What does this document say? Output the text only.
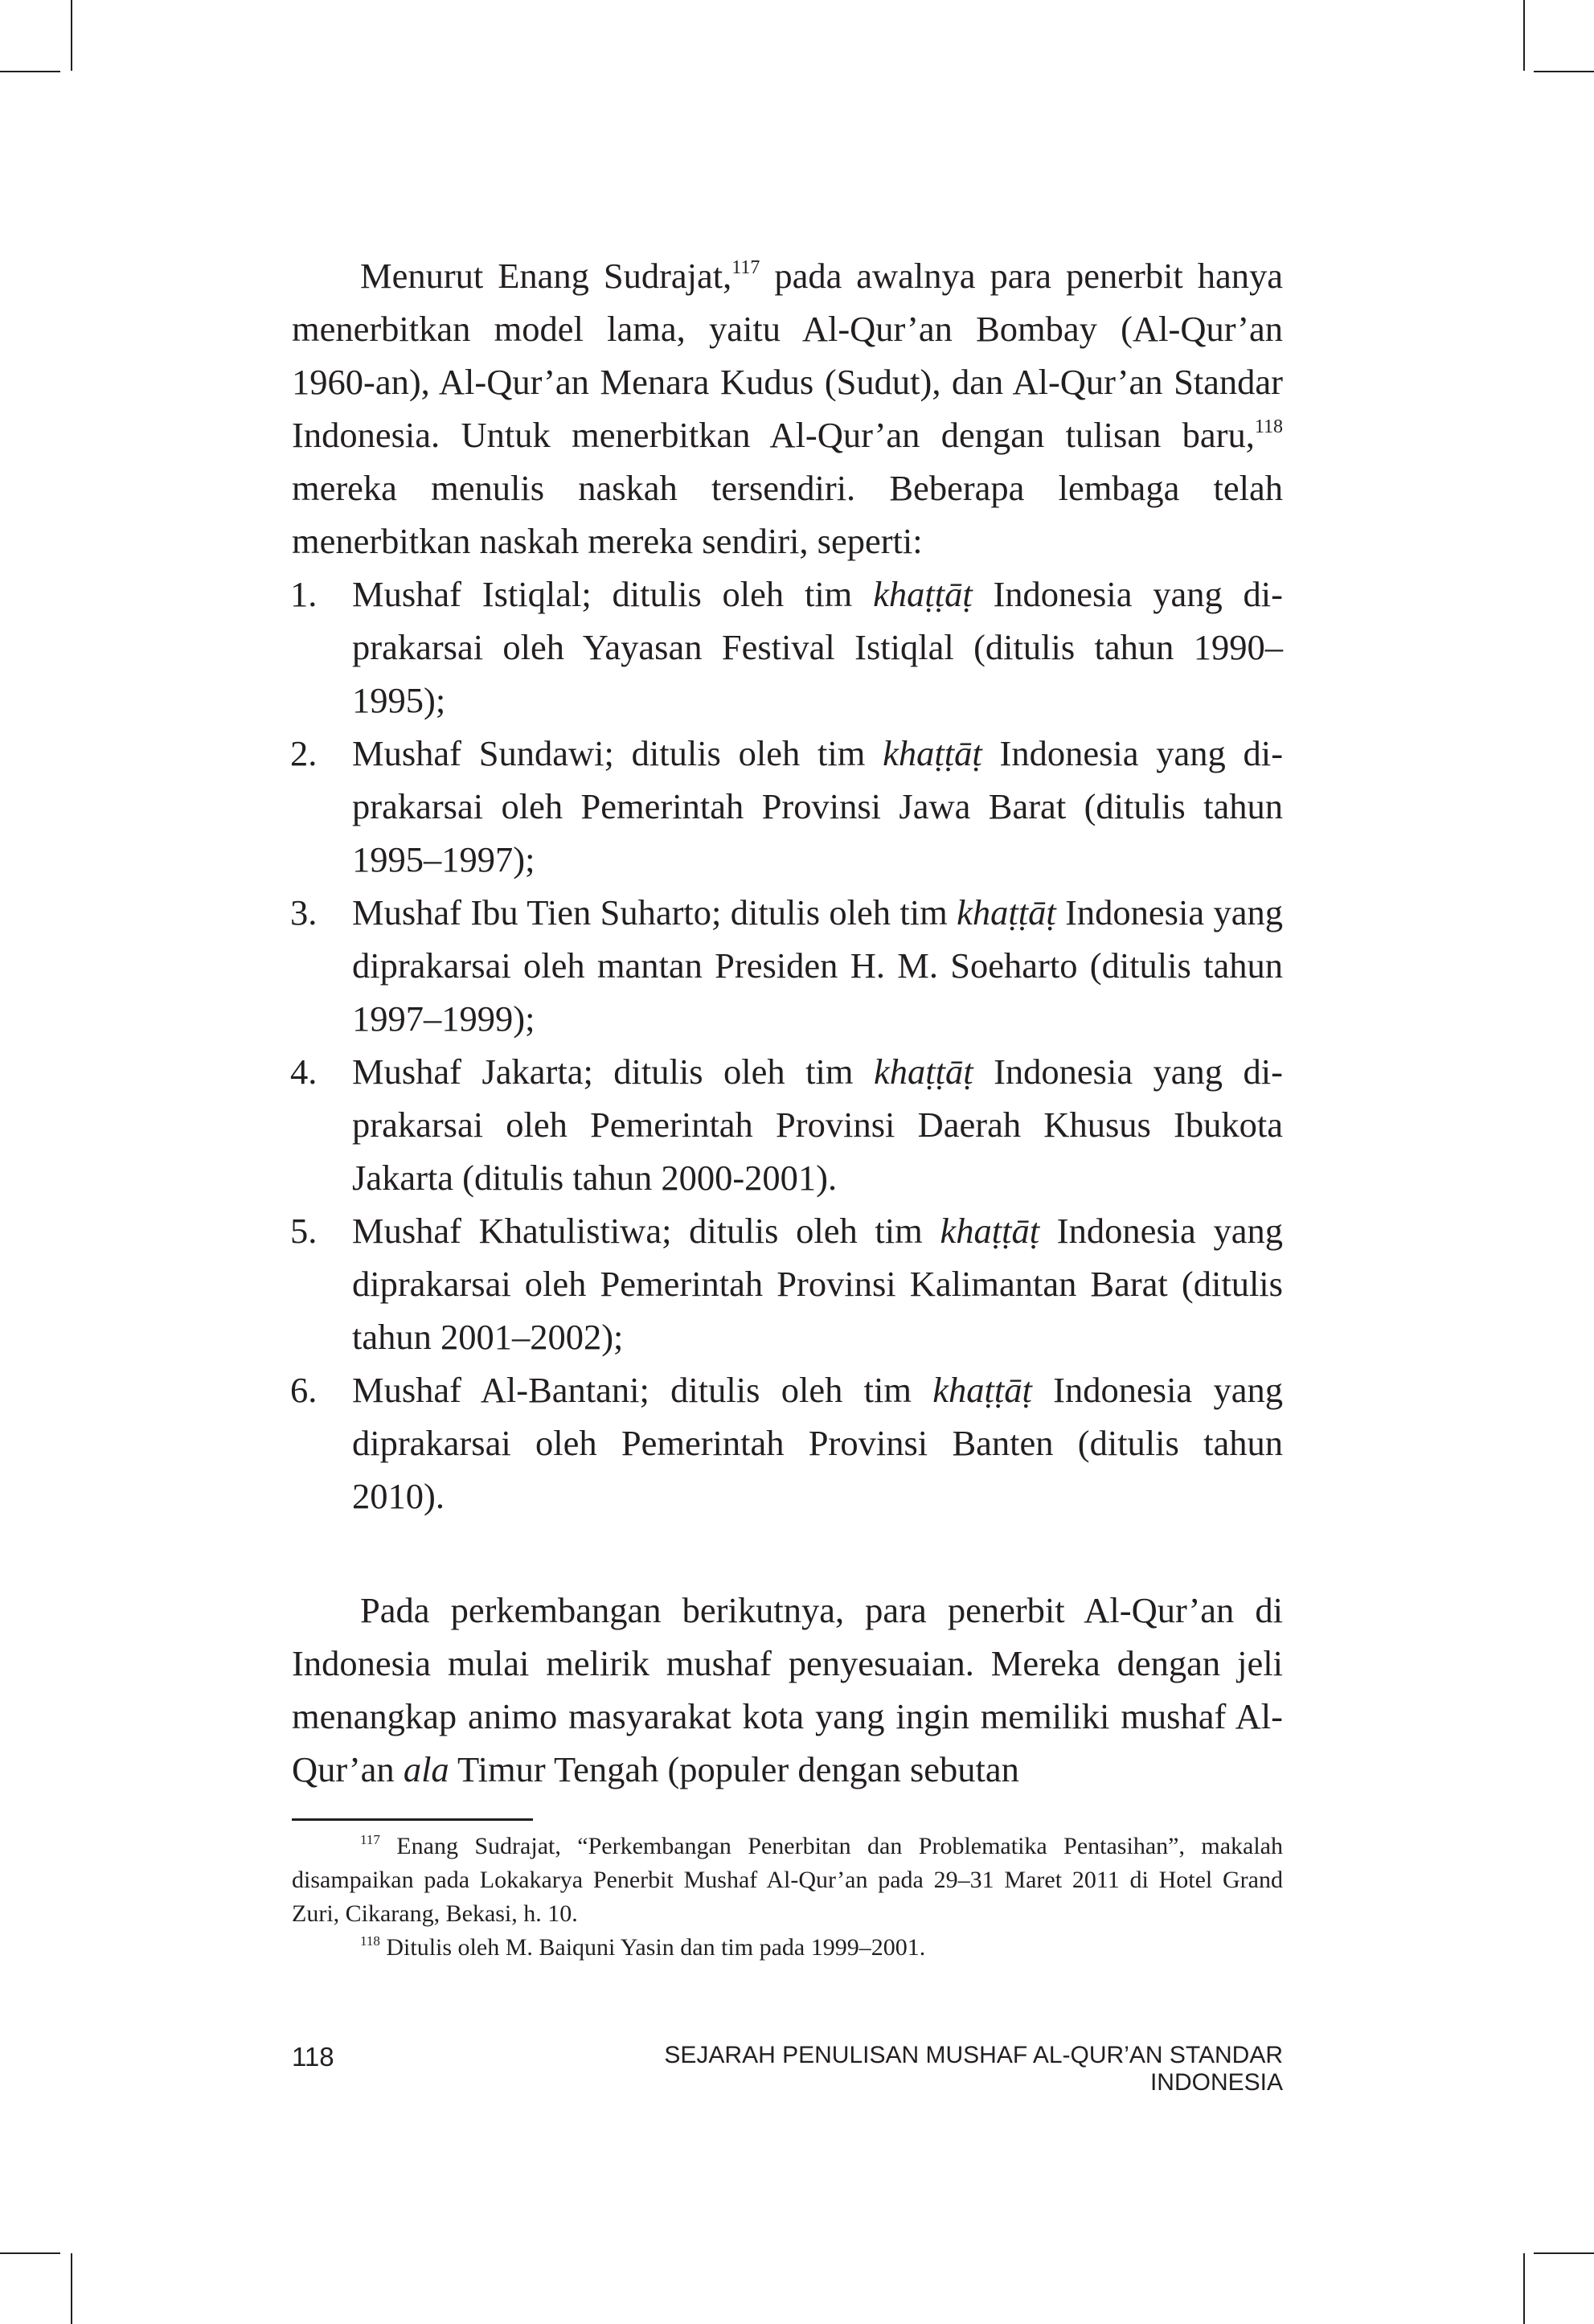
Menurut Enang Sudrajat,$^{117}$ pada awalnya para penerbit hanya menerbitkan model lama, yaitu Al-Qur’an Bombay (Al-Qur’an 1960-an), Al-Qur’an Menara Kudus (Sudut), dan Al-Qur’an Standar Indonesia. Untuk menerbitkan Al-Qur’an dengan tulisan baru,$^{118}$ mereka menulis naskah tersendiri. Beberapa lembaga telah menerbitkan naskah mereka sendiri, seperti:

1. Mushaf Istiqlal; ditulis oleh tim khaṭṭāṭ Indonesia yang diprakarsai oleh Yayasan Festival Istiqlal (ditulis tahun 1990–1995);
2. Mushaf Sundawi; ditulis oleh tim khaṭṭāṭ Indonesia yang diprakarsai oleh Pemerintah Provinsi Jawa Barat (ditulis tahun 1995–1997);
3. Mushaf Ibu Tien Suharto; ditulis oleh tim khaṭṭāṭ Indonesia yang diprakarsai oleh mantan Presiden H. M. Soeharto (ditulis tahun 1997–1999);
4. Mushaf Jakarta; ditulis oleh tim khaṭṭāṭ Indonesia yang diprakarsai oleh Pemerintah Provinsi Daerah Khusus Ibukota Jakarta (ditulis tahun 2000-2001).
5. Mushaf Khatulistiwa; ditulis oleh tim khaṭṭāṭ Indonesia yang diprakarsai oleh Pemerintah Provinsi Kalimantan Barat (ditulis tahun 2001–2002);
6. Mushaf Al-Bantani; ditulis oleh tim khaṭṭāṭ Indonesia yang diprakarsai oleh Pemerintah Provinsi Banten (ditulis tahun 2010).

Pada perkembangan berikutnya, para penerbit Al-Qur’an di Indonesia mulai melirik mushaf penyesuaian. Mereka dengan jeli menangkap animo masyarakat kota yang ingin memiliki mushaf Al-Qur’an ala Timur Tengah (populer dengan sebutan

$^{117}$ Enang Sudrajat, “Perkembangan Penerbitan dan Problematika Pentasihan”, makalah disampaikan pada Lokakarya Penerbit Mushaf Al-Qur’an pada 29–31 Maret 2011 di Hotel Grand Zuri, Cikarang, Bekasi, h. 10.

$^{118}$ Ditulis oleh M. Baiquni Yasin dan tim pada 1999–2001.

118	SEJARAH PENULISAN MUSHAF AL-QUR’AN STANDAR INDONESIA
